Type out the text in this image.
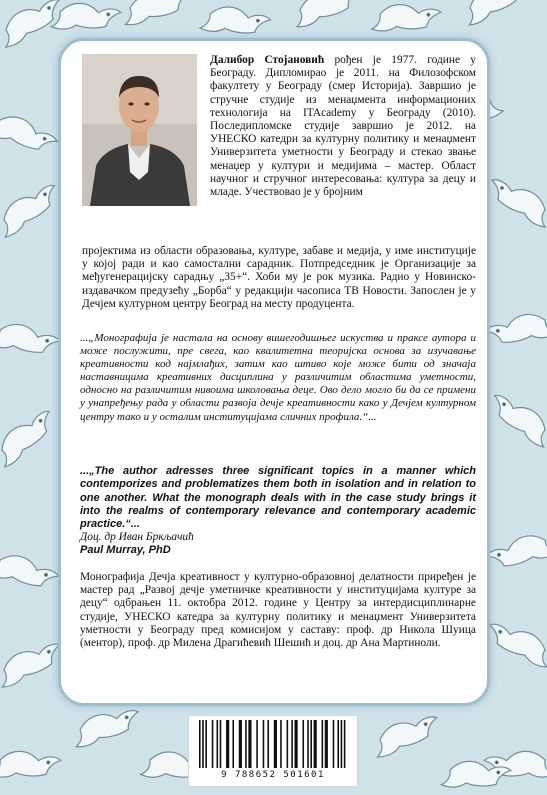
Далибор Стојановић рођен је 1977. године у Београду. Дипломирао је 2011. на Филозофском факултету у Београду (смер Историја). Завршио је стручне студије из менаџмента информационих технологија на ITAcademy у Београду (2010). Последипломске студије завршио је 2012. на УНЕСКО катедри за културну политику и менаџмент Универзитета уметности у Београду и стекао звање менаџер у култури и медијима – мастер. Област научног и стручног интересовања: култура за децу и младе. Учествовао је у бројним
пројектима из области образовања, културе, забаве и медија, у име институције у којој ради и као самостални сарадник. Потпредседник је Организације за међугенерацијску сарадњу „35+“. Хоби му је рок музика. Радио у Новинско-издавачком предузећу „Борба“ у редакцији часописа ТВ Новости. Запослен је у Дечјем културном центру Београд на месту продуцента.
...„Монографија је настала на основу вишегодишњег искуства и праксе аутора и може послужити, пре свега, као квалитетна теоријска основа за изучавање креативности код најмлађих, затим као штиво које може бити од значаја наставницима креативних дисциплина у различитим областима уметности, односно на различитим нивоима школовања деце. Ово дело могло би да се примени у унапређењу рада у области развоја дечје креативности како у Дечјем културном центру тако и у осталим институцијама сличних профила.“...
...„The author adresses three significant topics in a manner which contemporizes and problematizes them both in isolation and in relation to one another. What the monograph deals with in the case study brings it into the realms of contemporary relevance and contemporary academic prаctice.“...
Доц. др Иван Бркљачић
Paul Murray, PhD
Монографија Дечја креативност у културно-образовној делатности приређен је мастер рад „Развој дечје уметничке креативности у институцијама културе за децу“ одбрањен 11. октобра 2012. године у Центру за интердисциплинарне студије, УНЕСКО катедра за културну политику и менаџмент Универзитета уметности у Београду пред комисијом у саставу: проф. др Никола Шуица (ментор), проф. др Милена Драгићевић Шешић и доц. др Ана Мартиноли.
9 788652 501601
